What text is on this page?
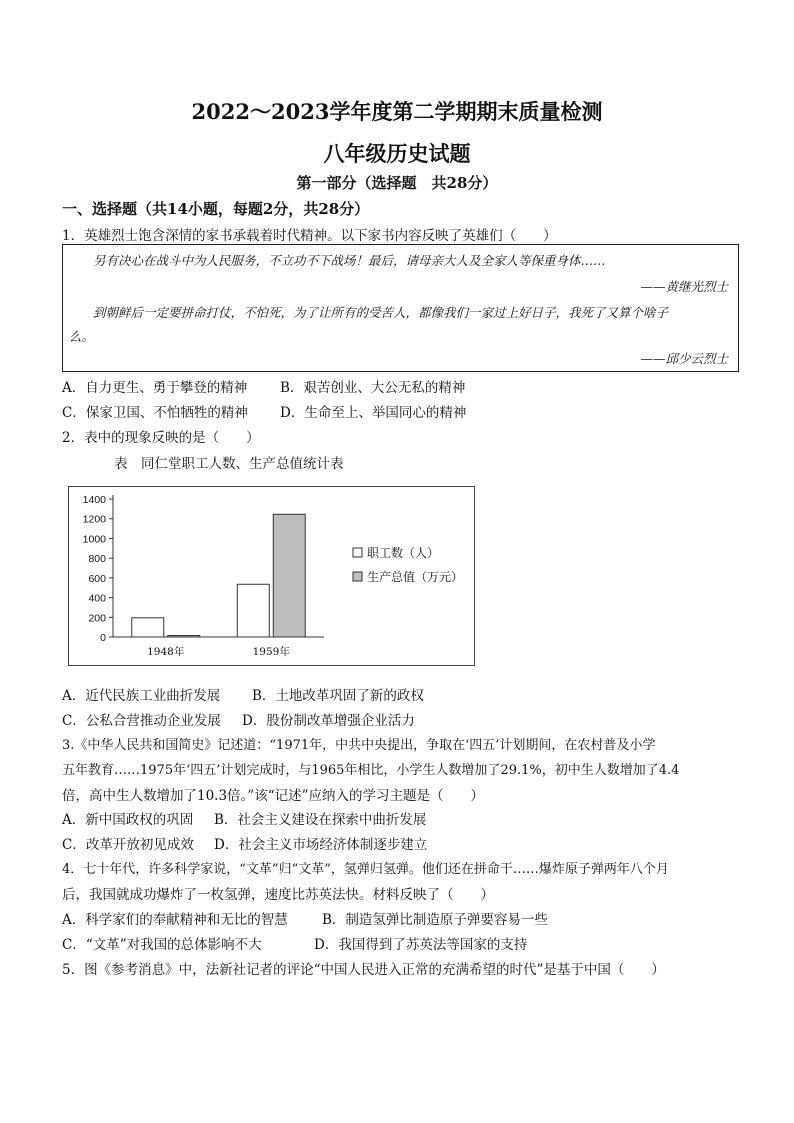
2022～2023学年度第二学期期末质量检测
八年级历史试题
第一部分（选择题　共28分）
一、选择题（共14小题，每题2分，共28分）
1．英雄烈士饱含深情的家书承载着时代精神。以下家书内容反映了英雄们（　　）
另有决心在战斗中为人民服务，不立功不下战场！最后，请母亲大人及全家人等保重身体……
——黄继光烈士
到朝鲜后一定要拼命打仗，不怕死，为了让所有的受苦人，都像我们一家过上好日子，我死了又算个啥子
么。
——邱少云烈士
A．自力更生、勇于攀登的精神 B．艰苦创业、大公无私的精神
C．保家卫国、不怕牺牲的精神 D．生命至上、举国同心的精神
2．表中的现象反映的是（　　）
表　同仁堂职工人数、生产总值统计表
0
200
400
600
800
1000
1200
1400
1948年	1959年
职工数（人）
生产总值（万元）
A．近代民族工业曲折发展 B．土地改革巩固了新的政权
C．公私合营推动企业发展 D．股份制改革增强企业活力
3.《中华人民共和国简史》记述道：“1971年，中共中央提出，争取在‘四五’计划期间，在农村普及小学
五年教育……1975年‘四五’计划完成时，与1965年相比，小学生人数增加了29.1%，初中生人数增加了4.4
倍，高中生人数增加了10.3倍。”该“记述”应纳入的学习主题是（　　）
A．新中国政权的巩固 B．社会主义建设在探索中曲折发展
C．改革开放初见成效 D．社会主义市场经济体制逐步建立
4．七十年代，许多科学家说，“文革”归“文革”，氢弹归氢弹。他们还在拼命干……爆炸原子弹两年八个月
后，我国就成功爆炸了一枚氢弹，速度比苏英法快。材料反映了（　　）
A．科学家们的奉献精神和无比的智慧	B．制造氢弹比制造原子弹要容易一些
C．“文革”对我国的总体影响不大	D．我国得到了苏英法等国家的支持
5．图《参考消息》中，法新社记者的评论“中国人民进入正常的充满希望的时代”是基于中国（　　）
